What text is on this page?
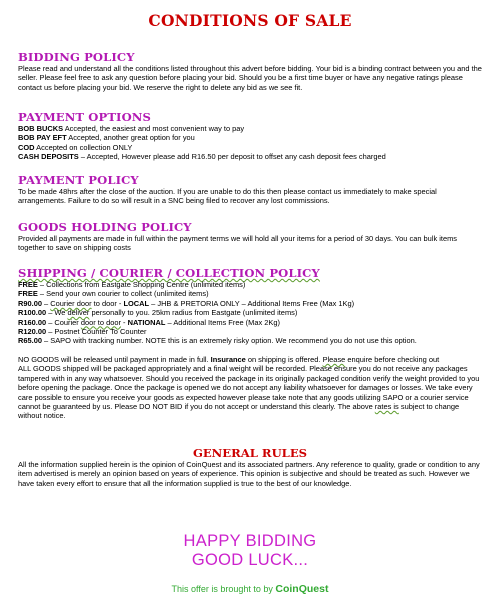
CONDITIONS OF SALE
BIDDING POLICY

Please read and understand all the conditions listed throughout this advert before bidding. Your bid is a binding contract between you and the seller. Please feel free to ask any question before placing your bid. Should you be a first time buyer or have any negative ratings please contact us before placing your bid. We reserve the right to delete any bid as we see fit.

PAYMENT OPTIONS

BOB BUCKS Accepted, the easiest and most convenient way to pay

BOB PAY EFT Accepted, another great option for you

COD Accepted on collection ONLY

CASH DEPOSITS – Accepted, However please add R16.50 per deposit to offset any cash deposit fees charged

PAYMENT POLICY

To be made 48hrs after the close of the auction. If you are unable to do this then please contact us immediately to make special arrangements. Failure to do so will result in a SNC being filed to recover any lost commissions.

GOODS HOLDING POLICY

Provided all payments are made in full within the payment terms we will hold all your items for a period of 30 days. You can bulk items together to save on shipping costs

SHIPPING / COURIER / COLLECTION POLICY

FREE – Collections from Eastgate Shopping Centre (unlimited items)

FREE – Send your own courier to collect (unlimited items)

R90.00 – Courier door to door - LOCAL – JHB & PRETORIA ONLY – Additional Items Free (Max 1Kg)

R100.00 – We deliver personally to you. 25km radius from Eastgate (unlimited items)

R160.00 – Courier door to door - NATIONAL – Additional Items Free (Max 2Kg)

R120.00 – Postnet Counter To Counter

R65.00 – SAPO with tracking number. NOTE this is an extremely risky option. We recommend you do not use this option.

NO GOODS will be released until payment in made in full. Insurance on shipping is offered. Please enquire before checking out

ALL GOODS shipped will be packaged appropriately and a final weight will be recorded. Please ensure you do not receive any packages tampered with in any way whatsoever. Should you received the package in its originally packaged condition verify the weight provided to you before opening the package. Once the package is opened we do not accept any liability whatsoever for damages or losses. We take every care possible to ensure you receive your goods as expected however please take note that any goods utilizing SAPO or a courier service cannot be guaranteed by us. Please DO NOT BID if you do not accept or understand this clearly. The above rates is subject to change without notice.

GENERAL RULES

All the information supplied herein is the opinion of CoinQuest and its associated partners. Any reference to quality, grade or condition to any item advertised is merely an opinion based on years of experience. This opinion is subjective and should be treated as such. However we have taken every effort to ensure that all the information supplied is true to the best of our knowledge.

HAPPY BIDDING
GOOD LUCK...
This offer is brought to by CoinQuest
